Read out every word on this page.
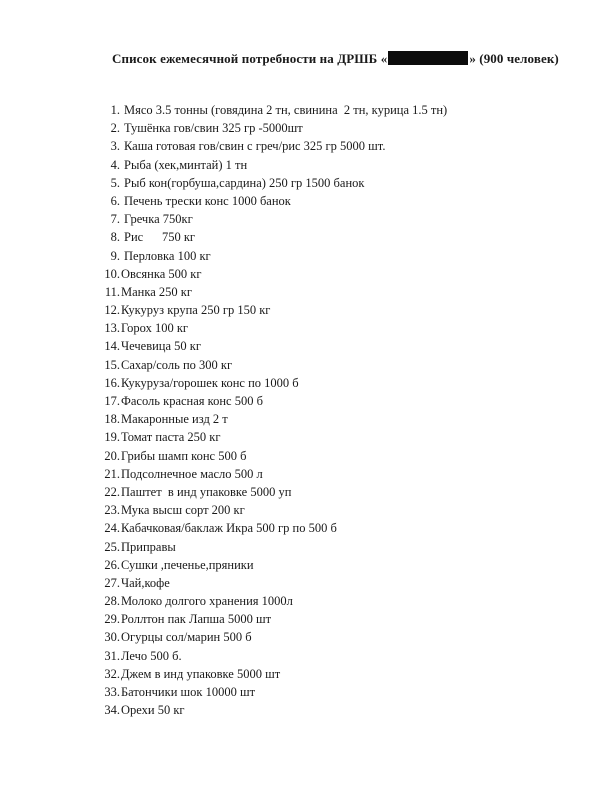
Список ежемесячной потребности на ДРШБ «	» (900 человек)
1. Мясо 3.5 тонны (говядина 2 тн, свинина  2 тн, курица 1.5 тн)
2. Тушёнка гов/свин 325 гр -5000шт
3. Каша готовая гов/свин с греч/рис 325 гр 5000 шт.
4. Рыба (хек,минтай) 1 тн
5. Рыб кон(горбуша,сардина) 250 гр 1500 банок
6. Печень трески конс 1000 банок
7. Гречка 750кг
8. Рис      750 кг
9. Перловка 100 кг
10. Овсянка 500 кг
11. Манка 250 кг
12. Кукуруз крупа 250 гр 150 кг
13. Горох 100 кг
14. Чечевица 50 кг
15. Сахар/соль по 300 кг
16. Кукуруза/горошек конс по 1000 б
17. Фасоль красная конс 500 б
18. Макаронные изд 2 т
19. Томат паста 250 кг
20. Грибы шамп конс 500 б
21. Подсолнечное масло 500 л
22. Паштет  в инд упаковке 5000 уп
23. Мука высш сорт 200 кг
24. Кабачковая/баклаж Икра 500 гр по 500 б
25. Приправы
26. Сушки ,печенье,пряники
27. Чай,кофе
28. Молоко долгого хранения 1000л
29. Роллтон пак Лапша 5000 шт
30. Огурцы сол/марин 500 б
31. Лечо 500 б.
32. Джем в инд упаковке 5000 шт
33. Батончики шок 10000 шт
34. Орехи 50 кг
